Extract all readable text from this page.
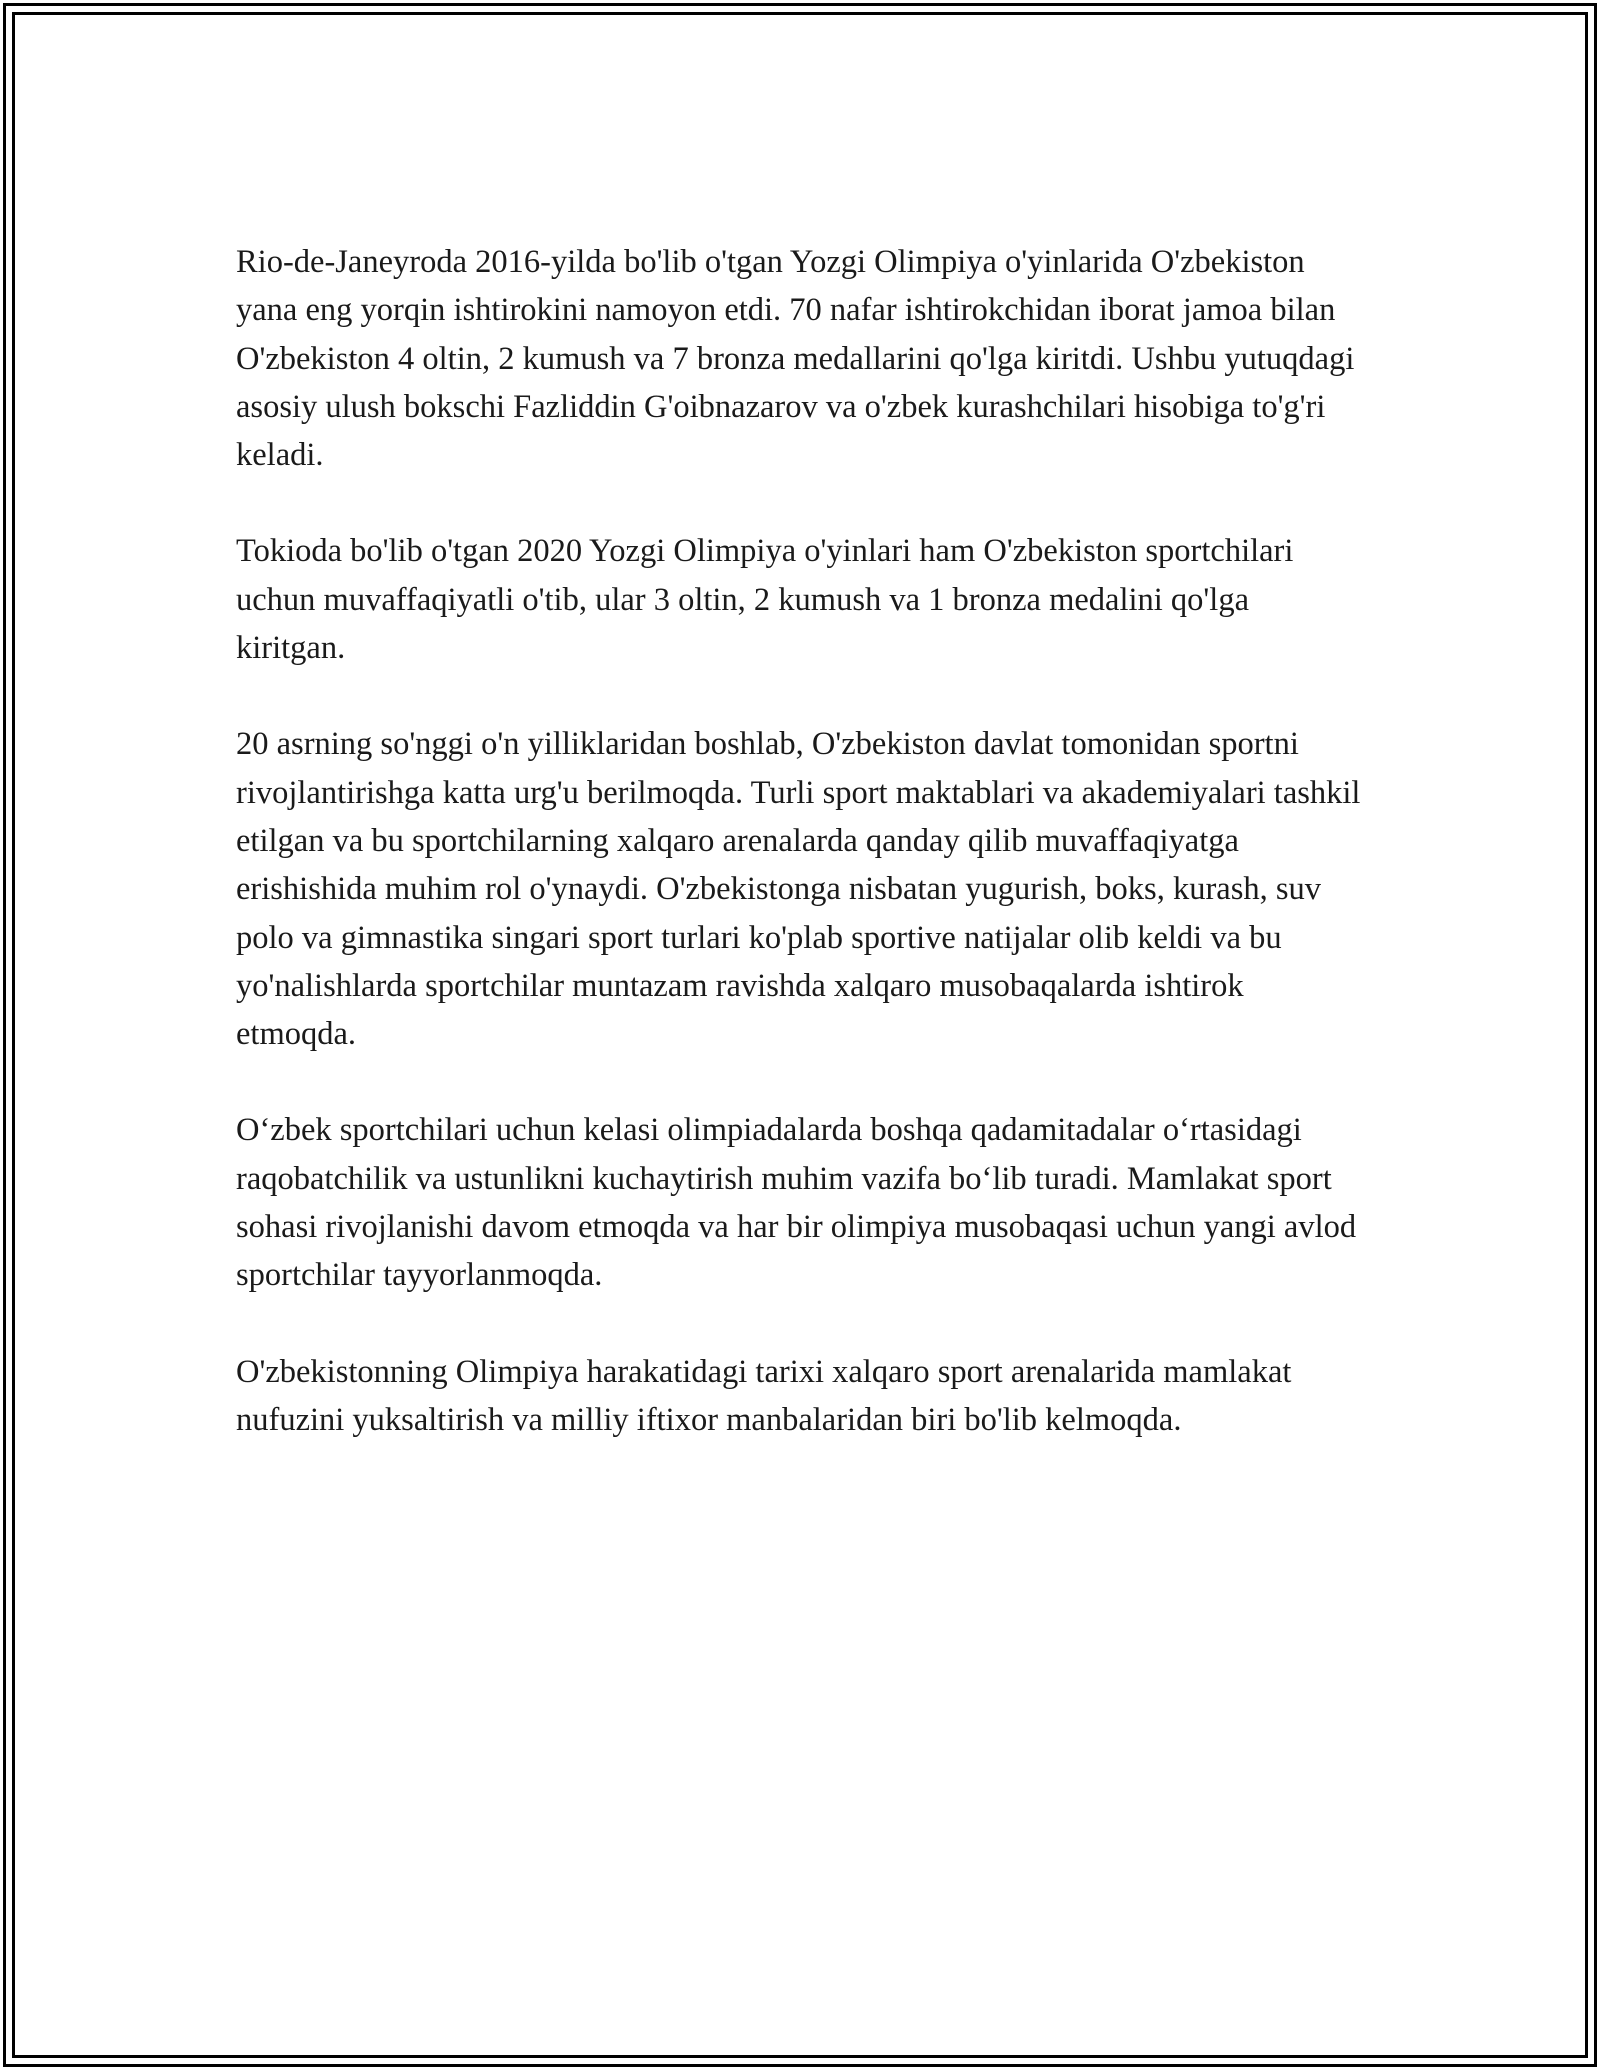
Rio-de-Janeyroda 2016-yilda bo'lib o'tgan Yozgi Olimpiya o'yinlarida O'zbekiston yana eng yorqin ishtirokini namoyon etdi. 70 nafar ishtirokchidan iborat jamoa bilan O'zbekiston 4 oltin, 2 kumush va 7 bronza medallarini qo'lga kiritdi. Ushbu yutuqdagi asosiy ulush bokschi Fazliddin G'oibnazarov va o'zbek kurashchilari hisobiga to'g'ri keladi.

Tokioda bo'lib o'tgan 2020 Yozgi Olimpiya o'yinlari ham O'zbekiston sportchilari uchun muvaffaqiyatli o'tib, ular 3 oltin, 2 kumush va 1 bronza medalini qo'lga kiritgan.

20 asrning so'nggi o'n yilliklaridan boshlab, O'zbekiston davlat tomonidan sportni rivojlantirishga katta urg'u berilmoqda. Turli sport maktablari va akademiyalari tashkil etilgan va bu sportchilarning xalqaro arenalarda qanday qilib muvaffaqiyatga erishishida muhim rol o'ynaydi. O'zbekistonga nisbatan yugurish, boks, kurash, suv polo va gimnastika singari sport turlari ko'plab sportive natijalar olib keldi va bu yo'nalishlarda sportchilar muntazam ravishda xalqaro musobaqalarda ishtirok etmoqda.

O‘zbek sportchilari uchun kelasi olimpiadalarda boshqa qadamitadalar o‘rtasidagi raqobatchilik va ustunlikni kuchaytirish muhim vazifa bo‘lib turadi. Mamlakat sport sohasi rivojlanishi davom etmoqda va har bir olimpiya musobaqasi uchun yangi avlod sportchilar tayyorlanmoqda.

O'zbekistonning Olimpiya harakatidagi tarixi xalqaro sport arenalarida mamlakat nufuzini yuksaltirish va milliy iftixor manbalaridan biri bo'lib kelmoqda.
